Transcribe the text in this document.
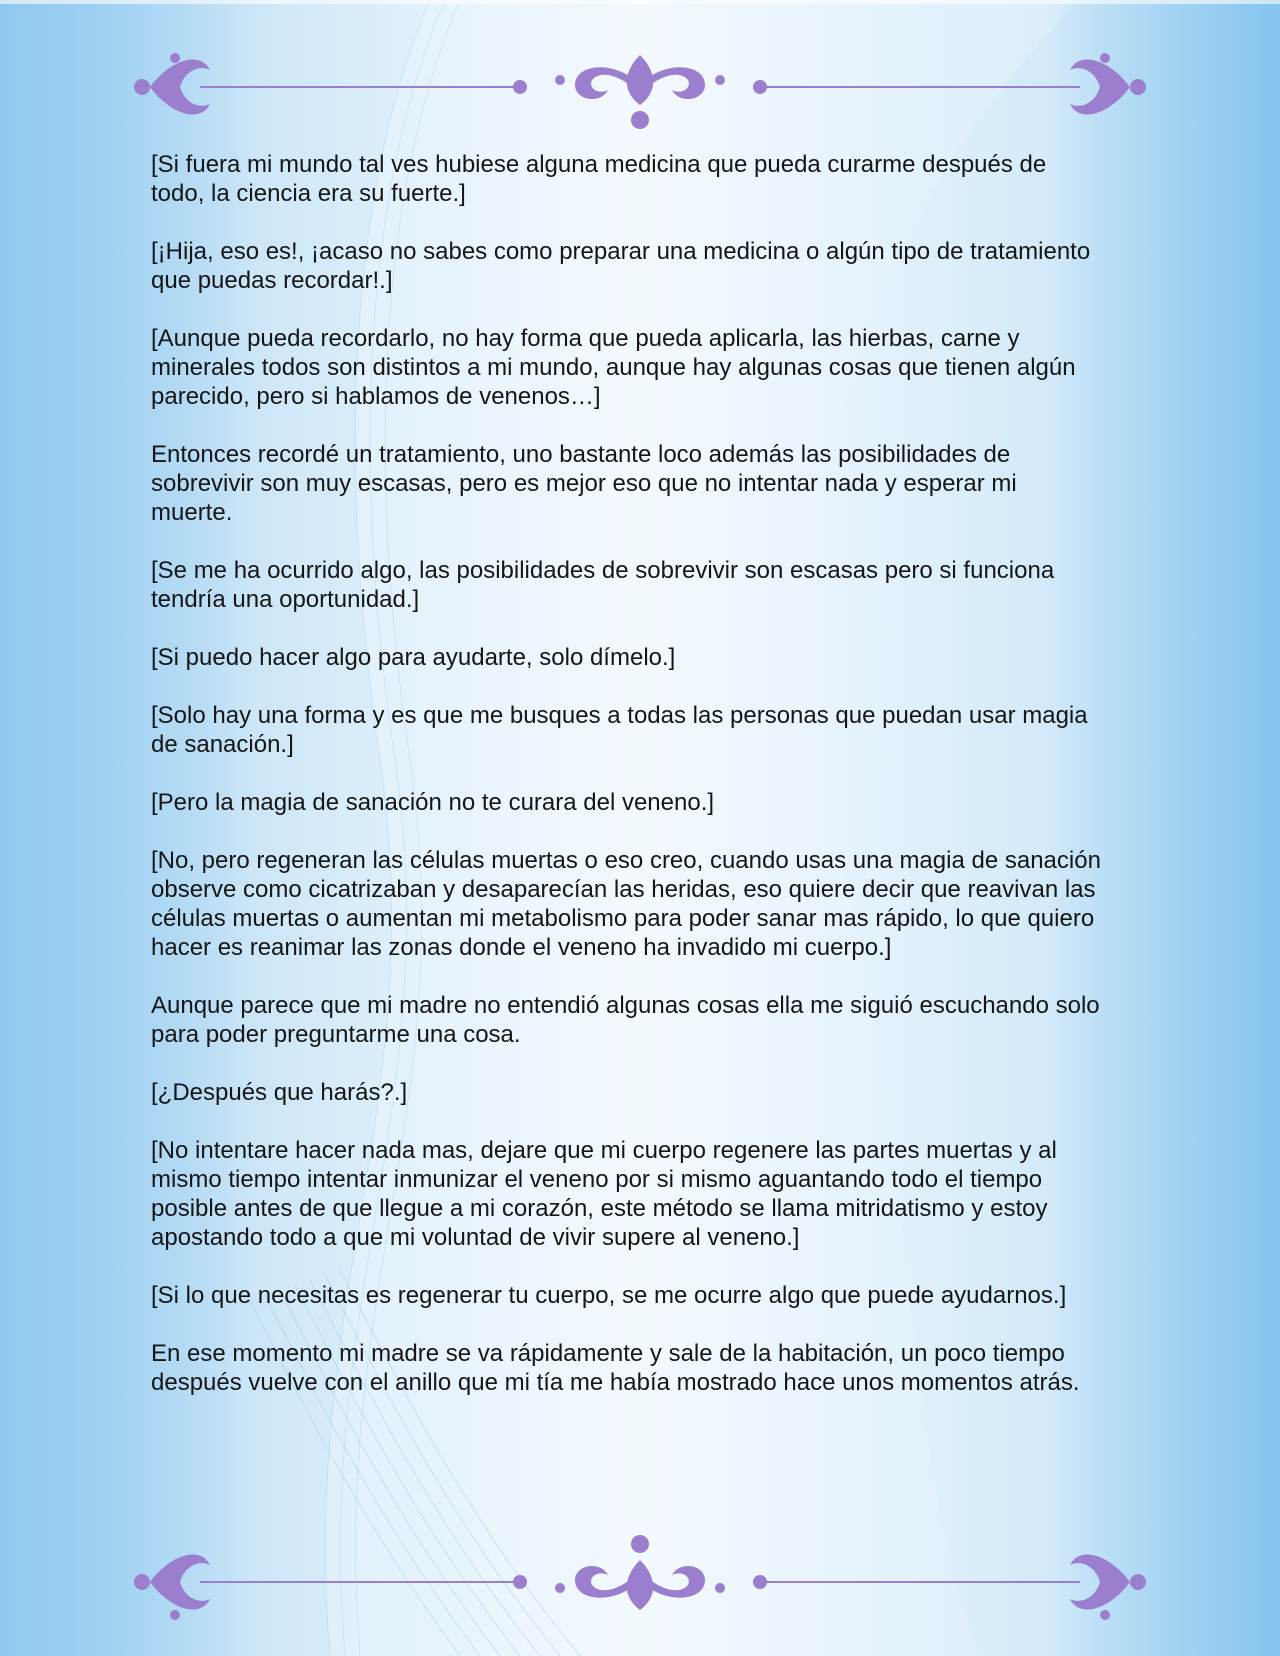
[Si fuera mi mundo tal ves hubiese alguna medicina que pueda curarme después de todo, la ciencia era su fuerte.]

[¡Hija, eso es!, ¡acaso no sabes como preparar una medicina o algún tipo de tratamiento que puedas recordar!.]

[Aunque pueda recordarlo, no hay forma que pueda aplicarla, las hierbas, carne y minerales todos son distintos a mi mundo, aunque hay algunas cosas que tienen algún parecido, pero si hablamos de venenos…]

Entonces recordé un tratamiento, uno bastante loco además las posibilidades de sobrevivir son muy escasas, pero es mejor eso que no intentar nada y esperar mi muerte.

[Se me ha ocurrido algo, las posibilidades de sobrevivir son escasas pero si funciona tendría una oportunidad.]

[Si puedo hacer algo para ayudarte, solo dímelo.]

[Solo hay una forma y es que me busques a todas las personas que puedan usar magia de sanación.]

[Pero la magia de sanación no te curara del veneno.]

[No, pero regeneran las células muertas o eso creo, cuando usas una magia de sanación observe como cicatrizaban y desaparecían las heridas, eso quiere decir que reavivan las células muertas o aumentan mi metabolismo para poder sanar mas rápido, lo que quiero hacer es reanimar las zonas donde el veneno ha invadido mi cuerpo.]

Aunque parece que mi madre no entendió algunas cosas ella me siguió escuchando solo para poder preguntarme una cosa.

[¿Después que harás?.]

[No intentare hacer nada mas, dejare que mi cuerpo regenere las partes muertas y al mismo tiempo intentar inmunizar el veneno por si mismo aguantando todo el tiempo posible antes de que llegue a mi corazón, este método se llama mitridatismo y estoy apostando todo a que mi voluntad de vivir supere al veneno.]

[Si lo que necesitas es regenerar tu cuerpo, se me ocurre algo que puede ayudarnos.]

En ese momento mi madre se va rápidamente y sale de la habitación, un poco tiempo después vuelve con el anillo que mi tía me había mostrado hace unos momentos atrás.
